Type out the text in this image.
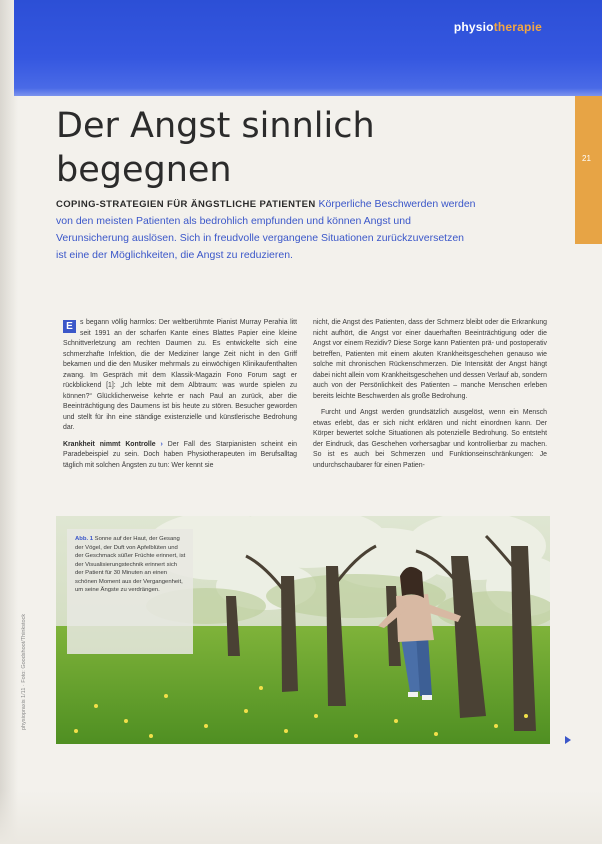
physiotherapie
21
Der Angst sinnlich
begegnen
COPING-STRATEGIEN FÜR ÄNGSTLICHE PATIENTEN Körperliche Beschwerden werden von den meisten Patienten als bedrohlich empfunden und können Angst und Verunsicherung auslösen. Sich in freudvolle vergangene Situationen zurückzuversetzen ist eine der Möglichkeiten, die Angst zu reduzieren.

E	s begann völlig harmlos: Der weltberühmte Pianist Murray Perahia litt seit 1991 an der scharfen Kante eines Blattes Papier eine kleine Schnittverletzung am rechten Daumen zu. Es entwickelte sich eine schmerzhafte Infektion, die der Mediziner lange Zeit nicht in den Griff bekamen und die den Musiker mehrmals zu einwöchigen Klinikaufenthalten zwang. Im Gespräch mit dem Klassik-Magazin Fono Forum sagt er rückblickend [1]: „Ich lebte mit dem Albtraum: was wurde spielen zu können?“ Glücklicherweise kehrte er nach Paul an zurück, aber die Beeinträchtigung des Daumens ist bis heute zu stören. Besucher geworden und stellt für ihn eine ständige existenzielle und künstlerische Bedrohung dar.

Krankheit nimmt Kontrolle › Der Fall des Starpianisten scheint ein Paradebeispiel zu sein. Doch haben Physiotherapeuten im Berufsalltag täglich mit solchen Ängsten zu tun: Wer kennt sie

nicht, die Angst des Patienten, dass der Schmerz bleibt oder die Erkrankung nicht aufhört, die Angst vor einer dauerhaften Beeinträchtigung oder die Angst vor einem Rezidiv? Diese Sorge kann Patienten prä- und postoperativ betreffen, Patienten mit einem akuten Krankheitsgeschehen genauso wie solche mit chronischen Rückenschmerzen. Die Intensität der Angst hängt dabei nicht allein vom Krankheitsgeschehen und dessen Verlauf ab, sondern auch von der Persönlichkeit des Patienten – manche Menschen erleben bereits leichte Beschwerden als große Bedrohung.

Furcht und Angst werden grundsätzlich ausgelöst, wenn ein Mensch etwas erlebt, das er sich nicht erklären und nicht einordnen kann. Der Körper bewertet solche Situationen als potenzielle Bedrohung. So entsteht der Eindruck, das Geschehen vorhersagbar und kontrollierbar zu machen. So ist es auch bei Schmerzen und Funktionseinschränkungen: Je undurchschaubarer für einen Patien-

Abb. 1 Sonne auf der Haut, der Gesang der Vögel, der Duft von Apfelblüten und der Geschmack süßer Früchte erinnert, ist der Visualisierungstechnik erinnert sich der Patient für 30 Minuten an einen schönen Moment aus der Vergangenheit, um seine Ängste zu verdrängen.
physiopraxis 1/11 · Foto: Goodshoot/Thinkstock
